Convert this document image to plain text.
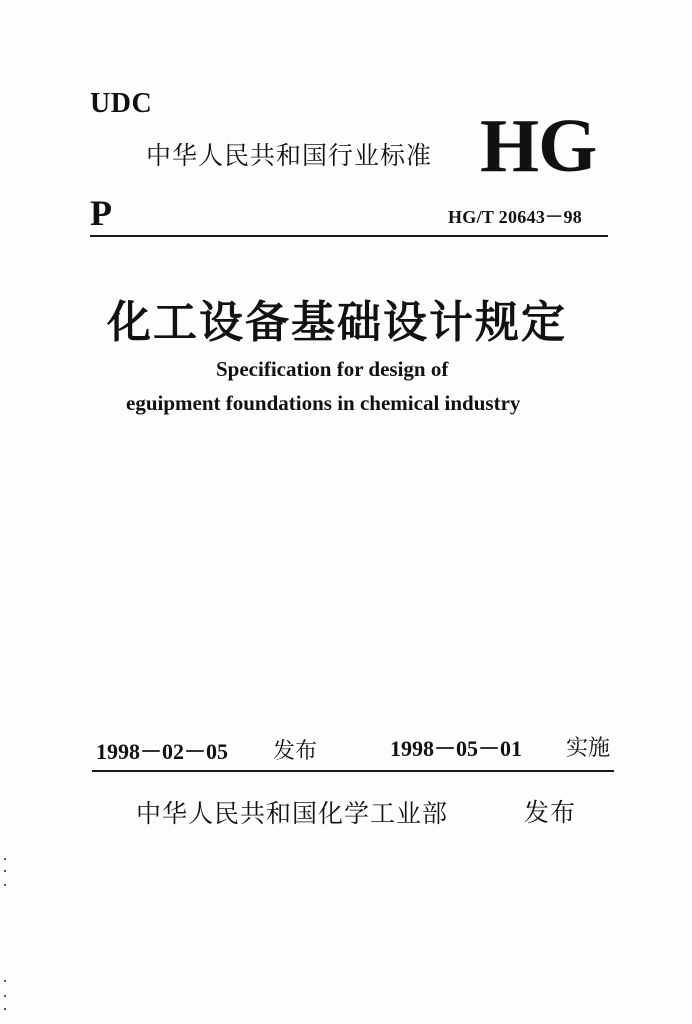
UDC
中华人民共和国行业标准 HG
P	HG/T 20643－98
化工设备基础设计规定
Specification for design of
eguipment foundations in chemical industry
1998－02－05 发布	1998－05－01 实施
中华人民共和国化学工业部	发布
